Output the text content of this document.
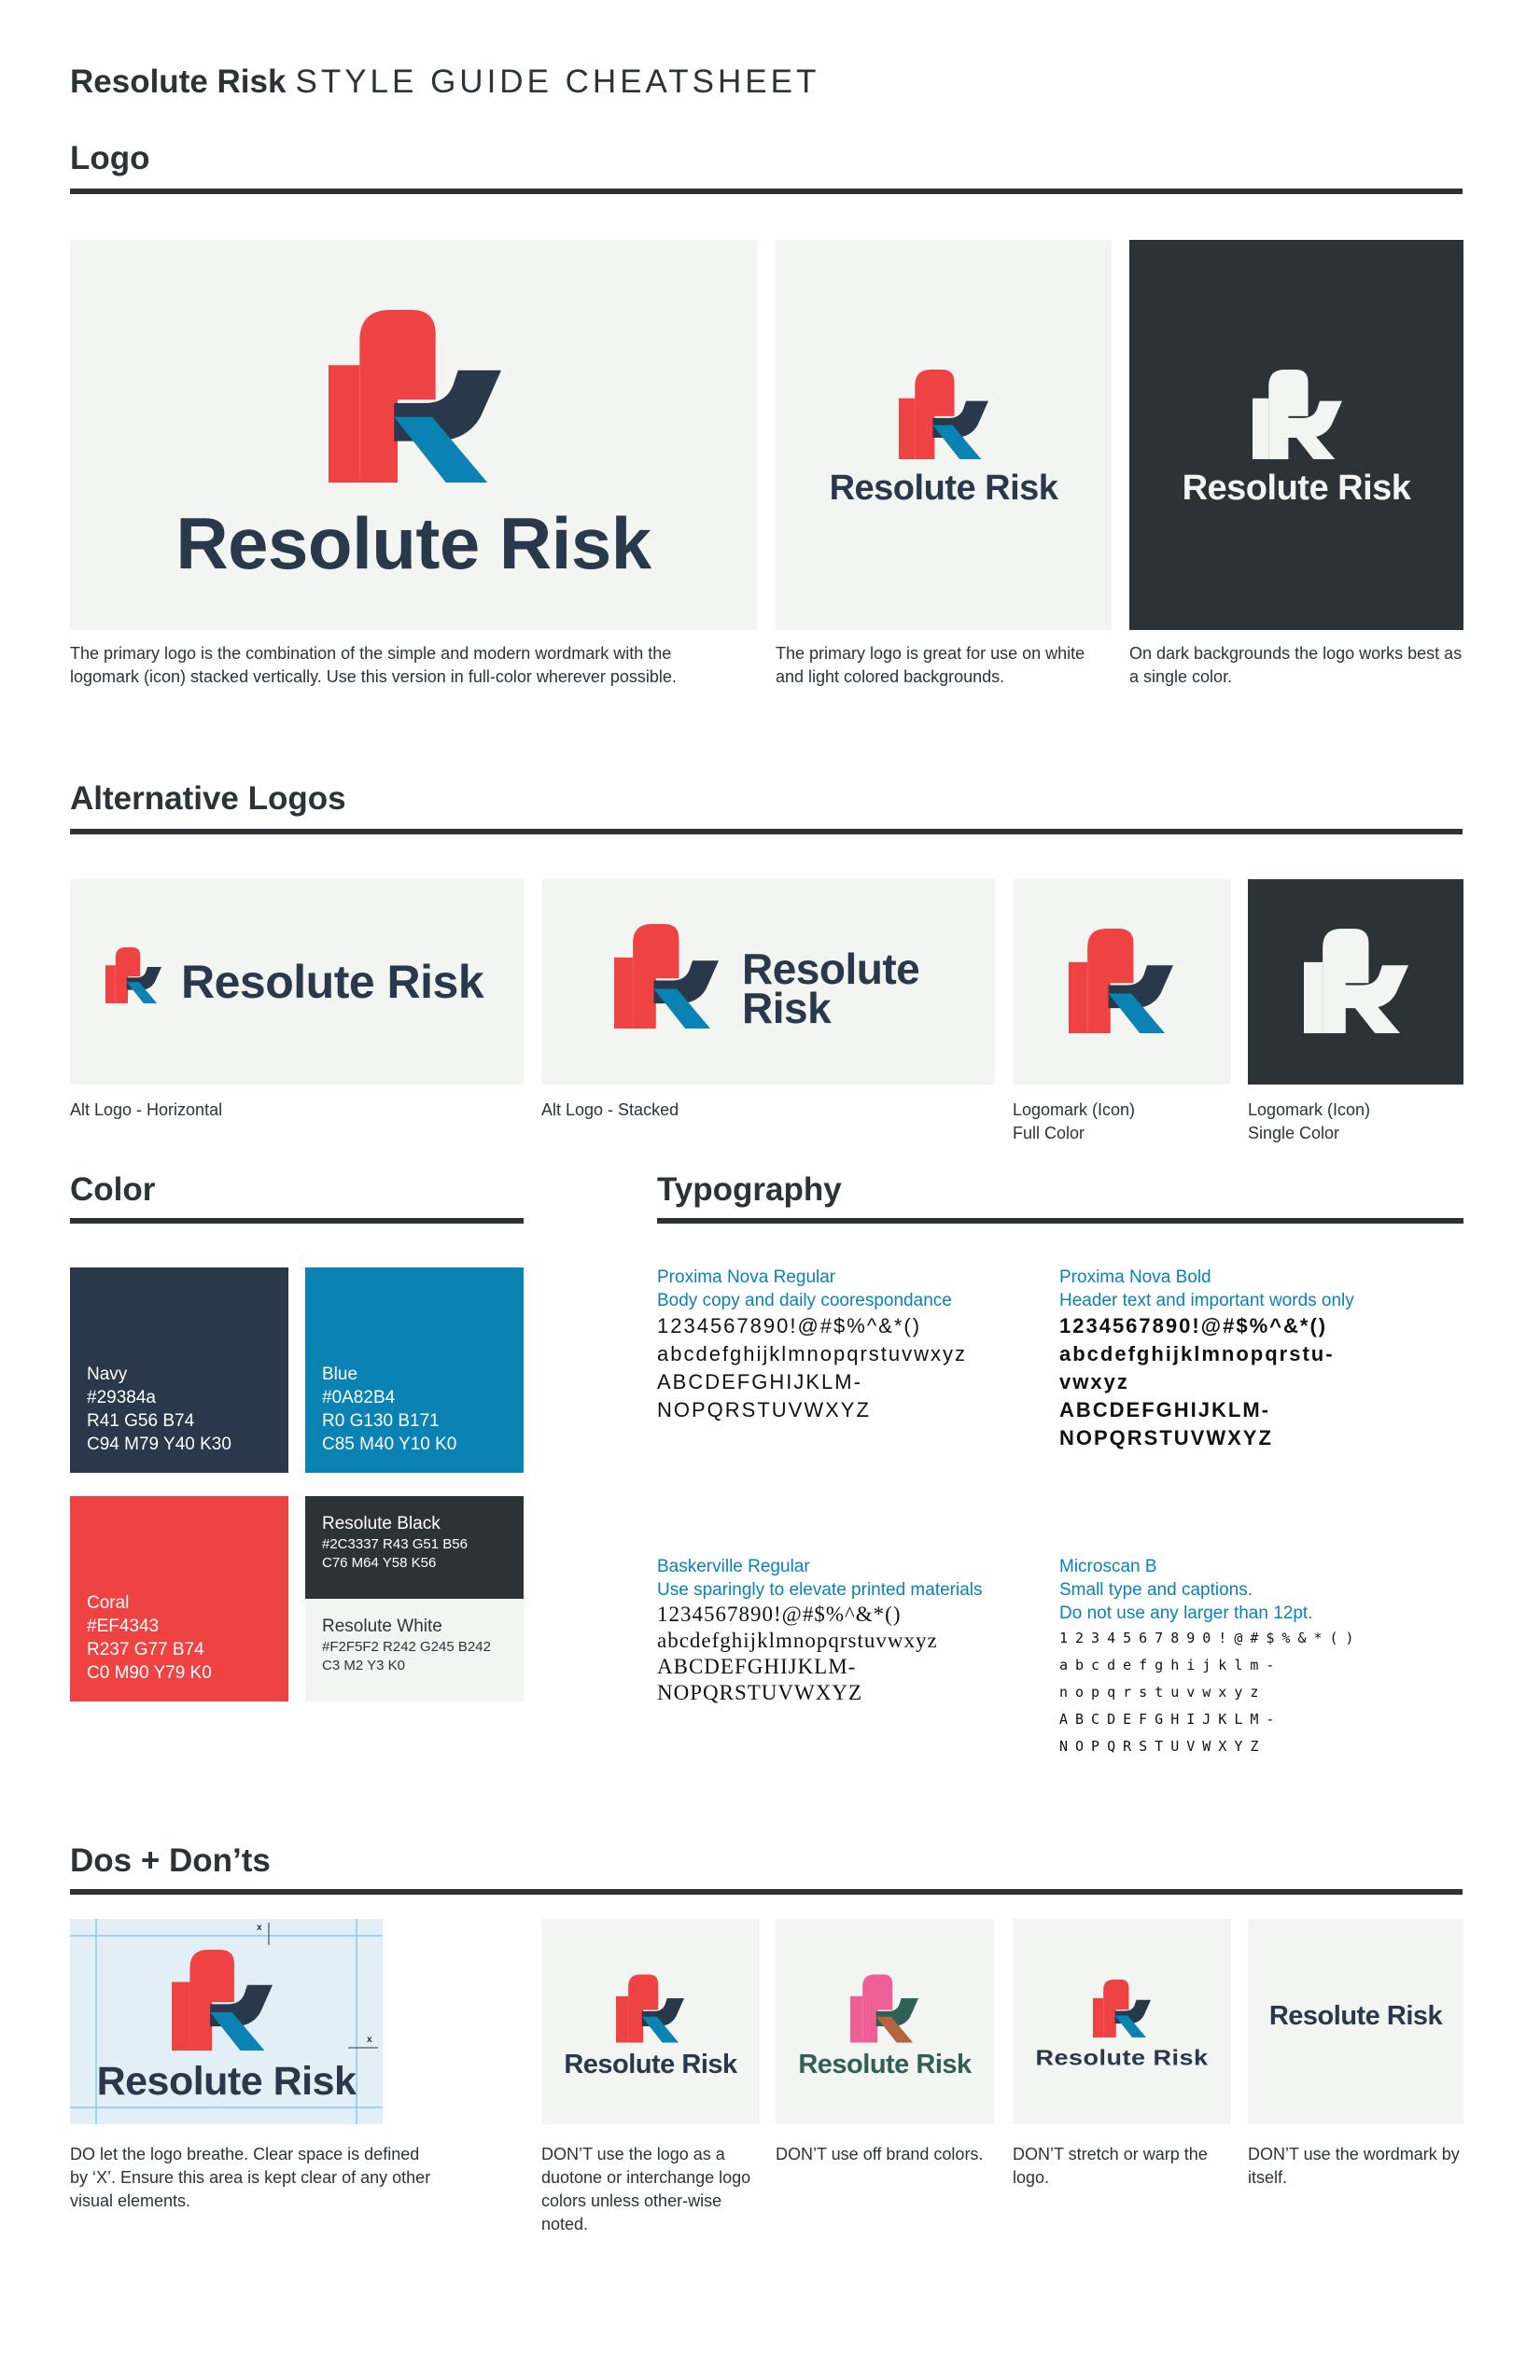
Resolute Risk STYLE GUIDE CHEATSHEET
Logo
Resolute Risk
Resolute Risk	Resolute Risk
The primary logo is the combination of the simple and modern wordmark with the logomark (icon) stacked vertically. Use this version in full-color wherever possible.
The primary logo is great for use on white and light colored backgrounds.
On dark backgrounds the logo works best as a single color.
Alternative Logos
Resolute Risk	Resolute
Risk
Alt Logo - Horizontal	Alt Logo - Stacked	Logomark (Icon)
Full Color
Logomark (Icon)
Single Color
Color
Navy
#29384a
R41 G56 B74
C94 M79 Y40 K30
Blue
#0A82B4
R0 G130 B171
C85 M40 Y10 K0
Coral
#EF4343
R237 G77 B74
C0 M90 Y79 K0
Resolute Black
#2C3337 R43 G51 B56
C76 M64 Y58 K56
Resolute White
#F2F5F2 R242 G245 B242
C3 M2 Y3 K0
Typography
Proxima Nova Regular
Body copy and daily coorespondance
1234567890!@#$%^&*()
abcdefghijklmnopqrstuvwxyz
ABCDEFGHIJKLM-
NOPQRSTUVWXYZ
Proxima Nova Bold
Header text and important words only
1234567890!@#$%^&*()
abcdefghijklmnopqrstu-
vwxyz
ABCDEFGHIJKLM-
NOPQRSTUVWXYZ
Baskerville Regular
Use sparingly to elevate printed materials
1234567890!@#$%^&*()
abcdefghijklmnopqrstuvwxyz
ABCDEFGHIJKLM-
NOPQRSTUVWXYZ
Microscan B
Small type and captions.
Do not use any larger than 12pt.
1234567890!@#$%&*()
abcdefghijklm-
nopqrstuvwxyz
ABCDEFGHIJKLM-
NOPQRSTUVWXYZ
Dos + Don’ts
x
x
Resolute Risk	Resolute Risk	Resolute Risk	Resolute Risk
Resolute Risk
DO let the logo breathe. Clear space is defined by ‘X’. Ensure this area is kept clear of any other visual elements.
DON’T use the logo as a duotone or interchange logo colors unless other-wise noted.
DON’T use off brand colors.	DON’T stretch or warp the logo.
DON’T use the wordmark by itself.
